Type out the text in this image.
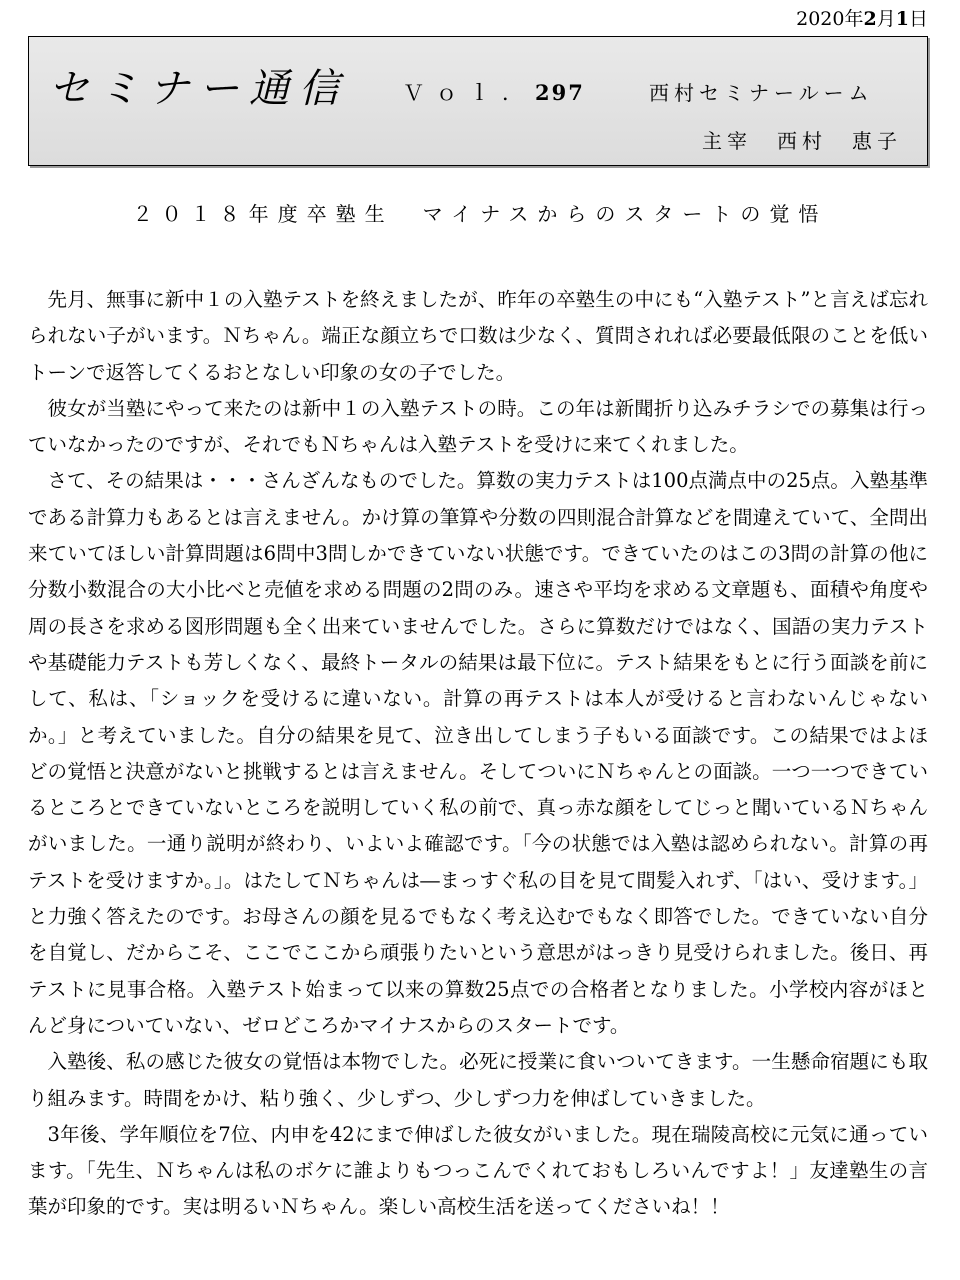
2020年2月1日
セミナー通信	Ｖｏｌ．297	西村セミナールーム
主宰　西村　恵子
２０１８年度卒塾生　マイナスからのスタートの覚悟

先月、無事に新中１の入塾テストを終えましたが、昨年の卒塾生の中にも“入塾テスト”と言えば忘れられない子がいます。Ｎちゃん。端正な顔立ちで口数は少なく、質問されれば必要最低限のことを低いトーンで返答してくるおとなしい印象の女の子でした。

彼女が当塾にやって来たのは新中１の入塾テストの時。この年は新聞折り込みチラシでの募集は行っていなかったのですが、それでもＮちゃんは入塾テストを受けに来てくれました。

さて、その結果は・・・さんざんなものでした。算数の実力テストは100点満点中の25点。入塾基準である計算力もあるとは言えません。かけ算の筆算や分数の四則混合計算などを間違えていて、全問出来ていてほしい計算問題は6問中3問しかできていない状態です。できていたのはこの3問の計算の他に分数小数混合の大小比べと売値を求める問題の2問のみ。速さや平均を求める文章題も、面積や角度や周の長さを求める図形問題も全く出来ていませんでした。さらに算数だけではなく、国語の実力テストや基礎能力テストも芳しくなく、最終トータルの結果は最下位に。テスト結果をもとに行う面談を前にして、私は、「ショックを受けるに違いない。計算の再テストは本人が受けると言わないんじゃないか。」と考えていました。自分の結果を見て、泣き出してしまう子もいる面談です。この結果ではよほどの覚悟と決意がないと挑戦するとは言えません。そしてついにＮちゃんとの面談。一つ一つできているところとできていないところを説明していく私の前で、真っ赤な顔をしてじっと聞いているＮちゃんがいました。一通り説明が終わり、いよいよ確認です。「今の状態では入塾は認められない。計算の再テストを受けますか。」。はたしてＮちゃんは―まっすぐ私の目を見て間髪入れず、「はい、受けます。」と力強く答えたのです。お母さんの顔を見るでもなく考え込むでもなく即答でした。できていない自分を自覚し、だからこそ、ここでここから頑張りたいという意思がはっきり見受けられました。後日、再テストに見事合格。入塾テスト始まって以来の算数25点での合格者となりました。小学校内容がほとんど身についていない、ゼロどころかマイナスからのスタートです。

入塾後、私の感じた彼女の覚悟は本物でした。必死に授業に食いついてきます。一生懸命宿題にも取り組みます。時間をかけ、粘り強く、少しずつ、少しずつ力を伸ばしていきました。

3年後、学年順位を7位、内申を42にまで伸ばした彼女がいました。現在瑞陵高校に元気に通っています。「先生、Ｎちゃんは私のボケに誰よりもつっこんでくれておもしろいんですよ！」友達塾生の言葉が印象的です。実は明るいＮちゃん。楽しい高校生活を送ってくださいね！！
